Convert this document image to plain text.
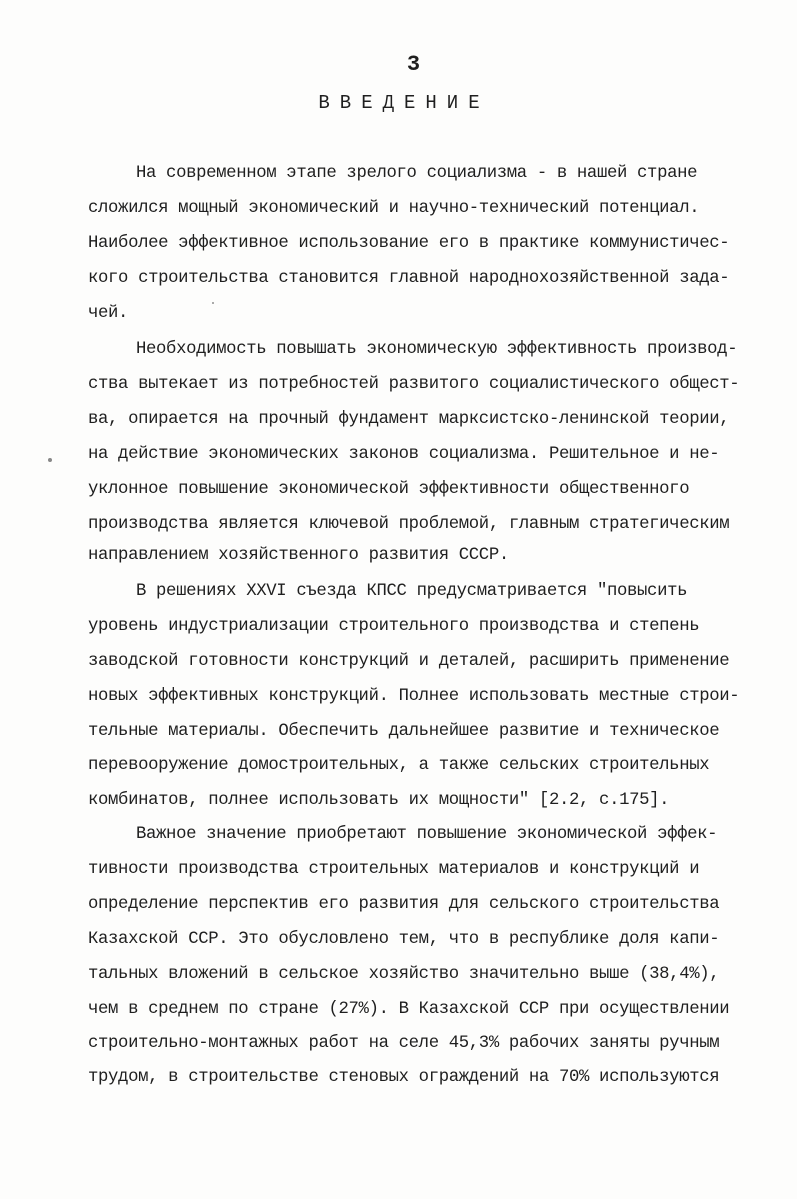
3
ВВЕДЕНИЕ
На современном этапе зрелого социализма - в нашей стране
сложился мощный экономический и научно-технический потенциал.
Наиболее эффективное использование его в практике коммунистичес-
кого строительства становится главной народнохозяйственной зада-
чей.
Необходимость повышать экономическую эффективность производ-
ства вытекает из потребностей развитого социалистического общест-
ва, опирается на прочный фундамент марксистско-ленинской теории,
на действие экономических законов социализма. Решительное и не-
уклонное повышение экономической эффективности общественного
производства является ключевой проблемой, главным стратегическим
направлением хозяйственного развития СССР.
В решениях XXVI съезда КПСС предусматривается "повысить
уровень индустриализации строительного производства и степень
заводской готовности конструкций и деталей, расширить применение
новых эффективных конструкций. Полнее использовать местные строи-
тельные материалы. Обеспечить дальнейшее развитие и техническое
перевооружение домостроительных, а также сельских строительных
комбинатов, полнее использовать их мощности" [2.2, с.175].
Важное значение приобретают повышение экономической эффек-
тивности производства строительных материалов и конструкций и
определение перспектив его развития для сельского строительства
Казахской ССР. Это обусловлено тем, что в республике доля капи-
тальных вложений в сельское хозяйство значительно выше (38,4%),
чем в среднем по стране (27%). В Казахской ССР при осуществлении
строительно-монтажных работ на селе 45,3% рабочих заняты ручным
трудом, в строительстве стеновых ограждений на 70% используются
